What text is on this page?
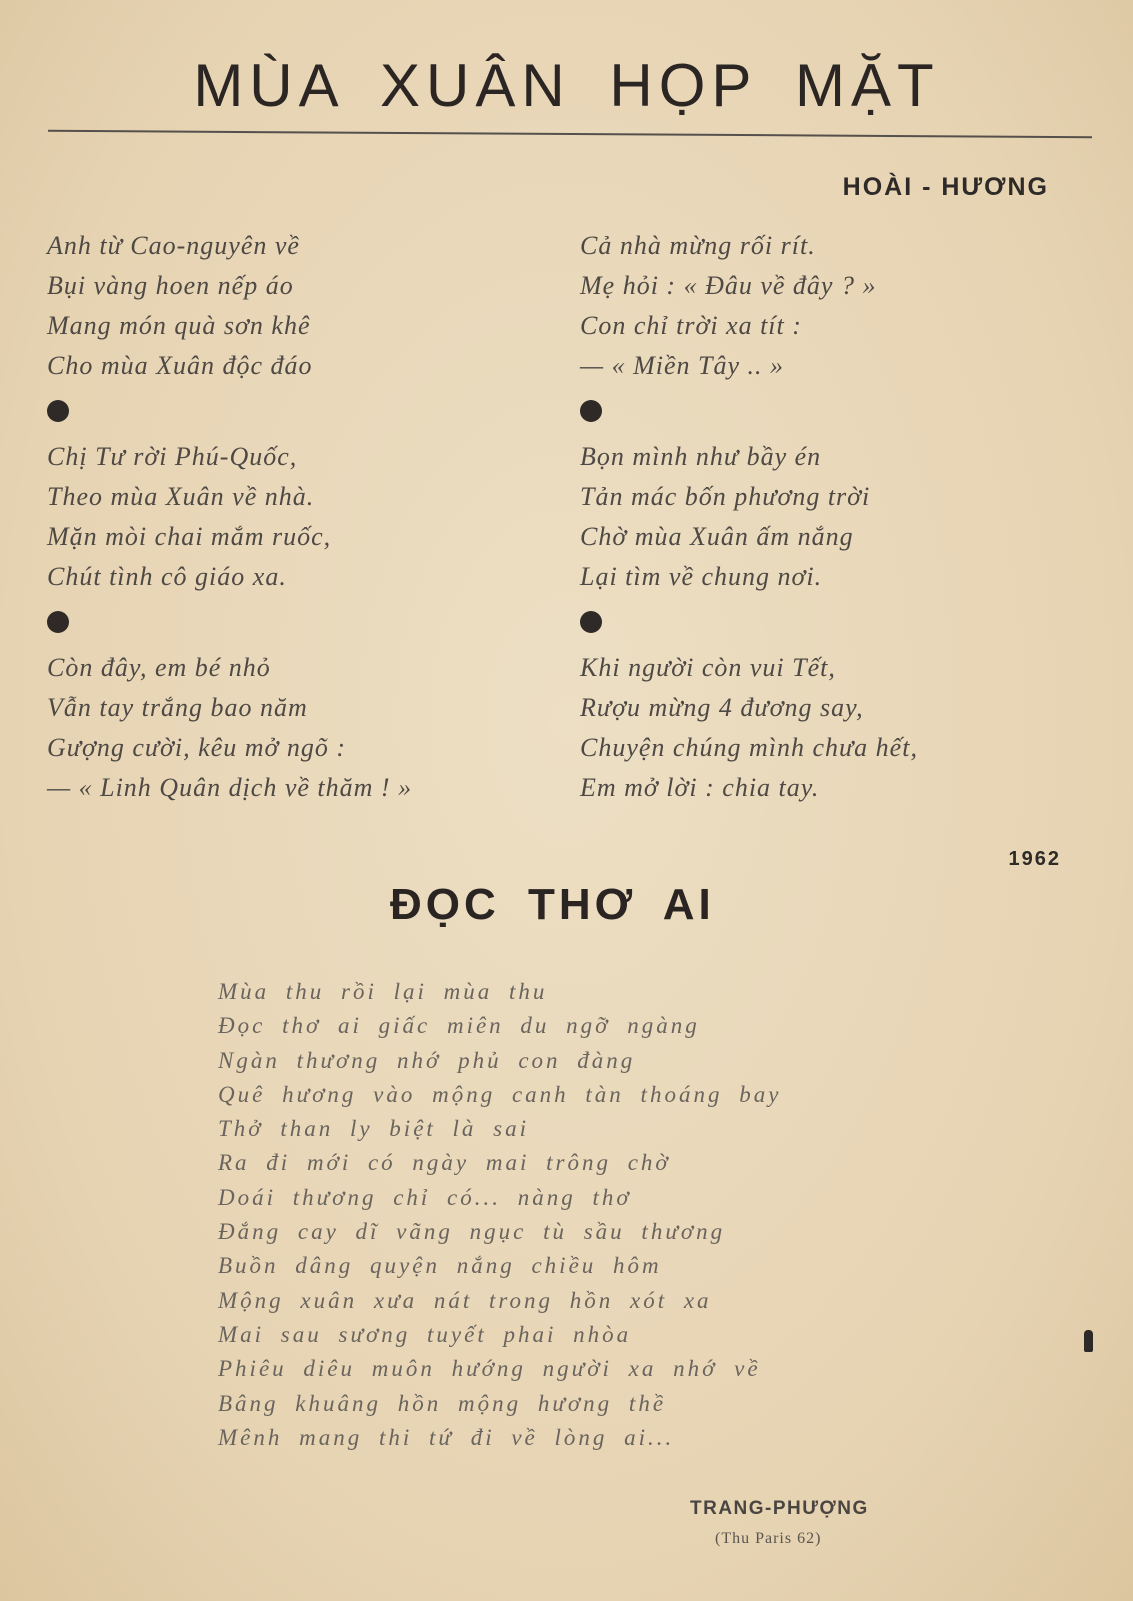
MÙA XUÂN HỌP MẶT
HOÀI - HƯƠNG
Anh từ Cao-nguyên về
Bụi vàng hoen nếp áo
Mang món quà sơn khê
Cho mùa Xuân độc đáo
Chị Tư rời Phú-Quốc,
Theo mùa Xuân về nhà.
Mặn mòi chai mắm ruốc,
Chút tình cô giáo xa.
Còn đây, em bé nhỏ
Vẫn tay trắng bao năm
Gượng cười, kêu mở ngõ :
— « Linh Quân dịch về thăm ! »
Cả nhà mừng rối rít.
Mẹ hỏi : « Đâu về đây ? »
Con chỉ trời xa tít :
— « Miền Tây .. »
Bọn mình như bầy én
Tản mác bốn phương trời
Chờ mùa Xuân ấm nắng
Lại tìm về chung nơi.
Khi người còn vui Tết,
Rượu mừng 4 đương say,
Chuyện chúng mình chưa hết,
Em mở lời : chia tay.
1962
ĐỌC THƠ AI
Mùa thu rồi lại mùa thu
Đọc thơ ai giấc miên du ngỡ ngàng
Ngàn thương nhớ phủ con đàng
Quê hương vào mộng canh tàn thoáng bay
Thở than ly biệt là sai
Ra đi mới có ngày mai trông chờ
Doái thương chỉ có... nàng thơ
Đắng cay dĩ vãng ngục tù sầu thương
Buồn dâng quyện nắng chiều hôm
Mộng xuân xưa nát trong hồn xót xa
Mai sau sương tuyết phai nhòa
Phiêu diêu muôn hướng người xa nhớ về
Bâng khuâng hồn mộng hương thề
Mênh mang thi tứ đi về lòng ai...
TRANG-PHƯỢNG
(Thu Paris 62)
